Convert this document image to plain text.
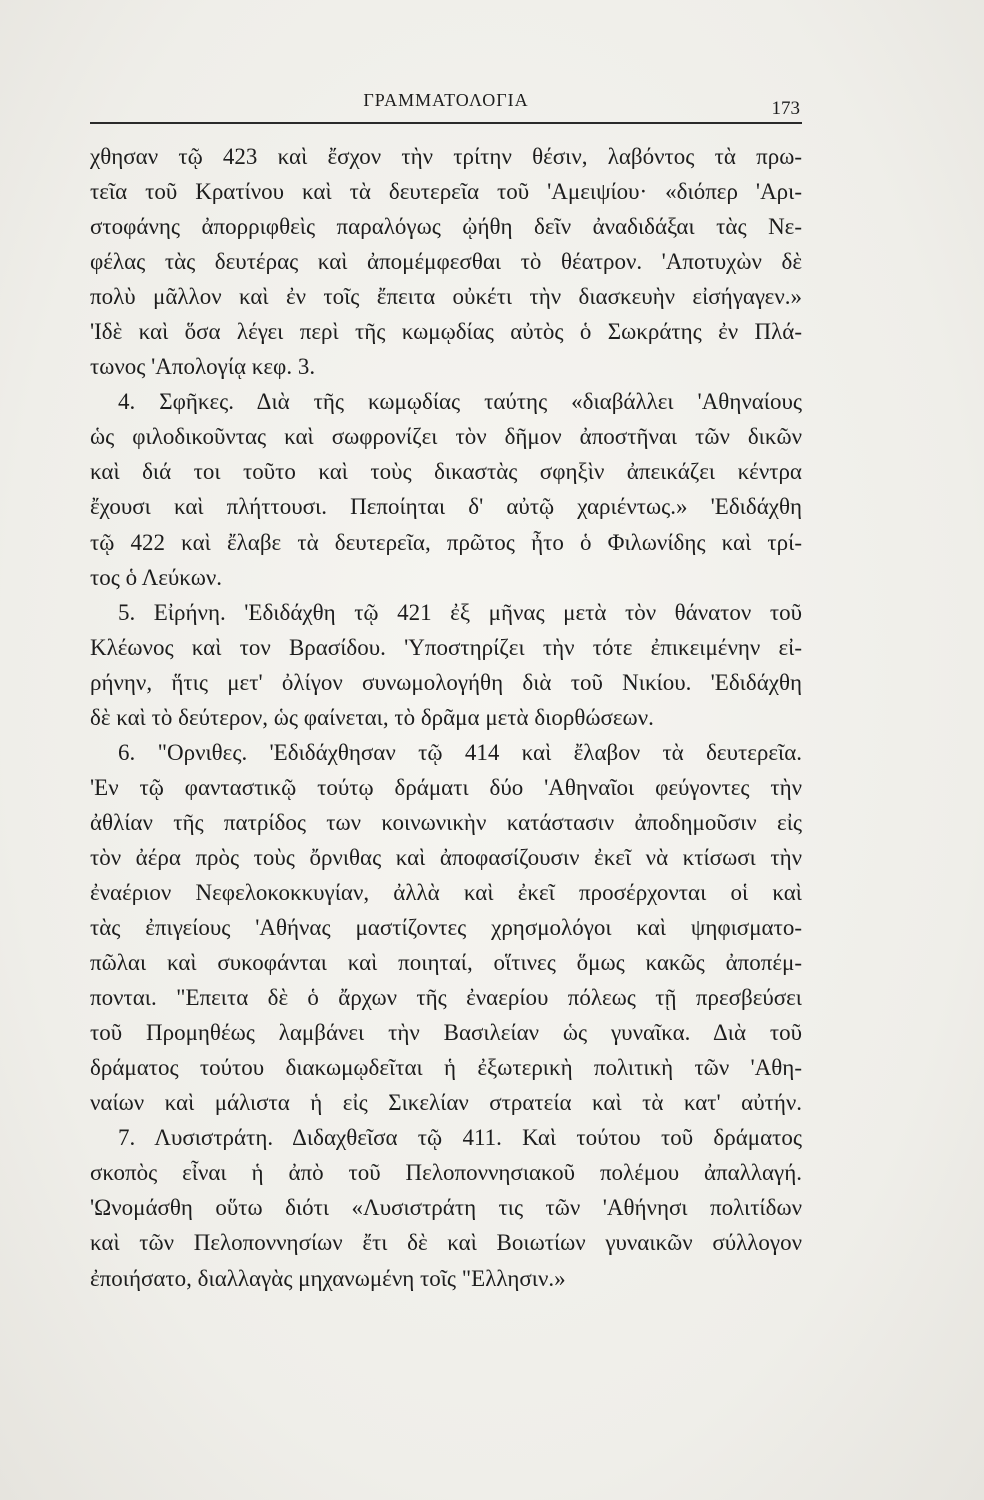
ΓΡΑΜΜΑΤΟΛΟΓΙΑ	173
χθησαν τῷ 423 καὶ ἔσχον τὴν τρίτην θέσιν, λαβόντος τὰ πρω-
τεῖα τοῦ Κρατίνου καὶ τὰ δευτερεῖα τοῦ 'Αμειψίου· «διόπερ 'Αρι-
στοφάνης ἀπορριφθεὶς παραλόγως ᾠήθη δεῖν ἀναδιδάξαι τὰς Νε-
φέλας τὰς δευτέρας καὶ ἀπομέμφεσθαι τὸ θέατρον. 'Αποτυχὼν δὲ
πολὺ μᾶλλον καὶ ἐν τοῖς ἔπειτα οὐκέτι τὴν διασκευὴν εἰσήγαγεν.»
'Ιδὲ καὶ ὅσα λέγει περὶ τῆς κωμῳδίας αὐτὸς ὁ Σωκράτης ἐν Πλά-
τωνος 'Απολογίᾳ κεφ. 3.
4. Σφῆκες. Διὰ τῆς κωμῳδίας ταύτης «διαβάλλει 'Αθηναίους
ὡς φιλοδικοῦντας καὶ σωφρονίζει τὸν δῆμον ἀποστῆναι τῶν δικῶν
καὶ διά τοι τοῦτο καὶ τοὺς δικαστὰς σφηξὶν ἀπεικάζει κέντρα
ἔχουσι καὶ πλήττουσι. Πεποίηται δ' αὐτῷ χαριέντως.» 'Εδιδάχθη
τῷ 422 καὶ ἔλαβε τὰ δευτερεῖα, πρῶτος ἦτο ὁ Φιλωνίδης καὶ τρί-
τος ὁ Λεύκων.
5. Εἰρήνη. 'Εδιδάχθη τῷ 421 ἐξ μῆνας μετὰ τὸν θάνατον τοῦ
Κλέωνος καὶ τον Βρασίδου. 'Υποστηρίζει τὴν τότε ἐπικειμένην εἰ-
ρήνην, ἥτις μετ' ὀλίγον συνωμολογήθη διὰ τοῦ Νικίου. 'Εδιδάχθη
δὲ καὶ τὸ δεύτερον, ὡς φαίνεται, τὸ δρᾶμα μετὰ διορθώσεων.
6. "Ορνιθες. 'Εδιδάχθησαν τῷ 414 καὶ ἔλαβον τὰ δευτερεῖα.
'Εν τῷ φανταστικῷ τούτῳ δράματι δύο 'Αθηναῖοι φεύγοντες τὴν
ἀθλίαν τῆς πατρίδος των κοινωνικὴν κατάστασιν ἀποδημοῦσιν εἰς
τὸν ἀέρα πρὸς τοὺς ὄρνιθας καὶ ἀποφασίζουσιν ἐκεῖ νὰ κτίσωσι τὴν
ἐναέριον Νεφελοκοκκυγίαν, ἀλλὰ καὶ ἐκεῖ προσέρχονται οἱ καὶ
τὰς ἐπιγείους 'Αθήνας μαστίζοντες χρησμολόγοι καὶ ψηφισματο-
πῶλαι καὶ συκοφάνται καὶ ποιηταί, οἵτινες ὅμως κακῶς ἀποπέμ-
πονται. "Επειτα δὲ ὁ ἄρχων τῆς ἐναερίου πόλεως τῇ πρεσβεύσει
τοῦ Προμηθέως λαμβάνει τὴν Βασιλείαν ὡς γυναῖκα. Διὰ τοῦ
δράματος τούτου διακωμῳδεῖται ἡ ἐξωτερικὴ πολιτικὴ τῶν 'Αθη-
ναίων καὶ μάλιστα ἡ εἰς Σικελίαν στρατεία καὶ τὰ κατ' αὐτήν.
7. Λυσιστράτη. Διδαχθεῖσα τῷ 411. Καὶ τούτου τοῦ δράματος
σκοπὸς εἶναι ἡ ἀπὸ τοῦ Πελοποννησιακοῦ πολέμου ἀπαλλαγή.
'Ωνομάσθη οὕτω διότι «Λυσιστράτη τις τῶν 'Αθήνησι πολιτίδων
καὶ τῶν Πελοποννησίων ἔτι δὲ καὶ Βοιωτίων γυναικῶν σύλλογον
ἐποιήσατο, διαλλαγὰς μηχανωμένη τοῖς "Ελλησιν.»
